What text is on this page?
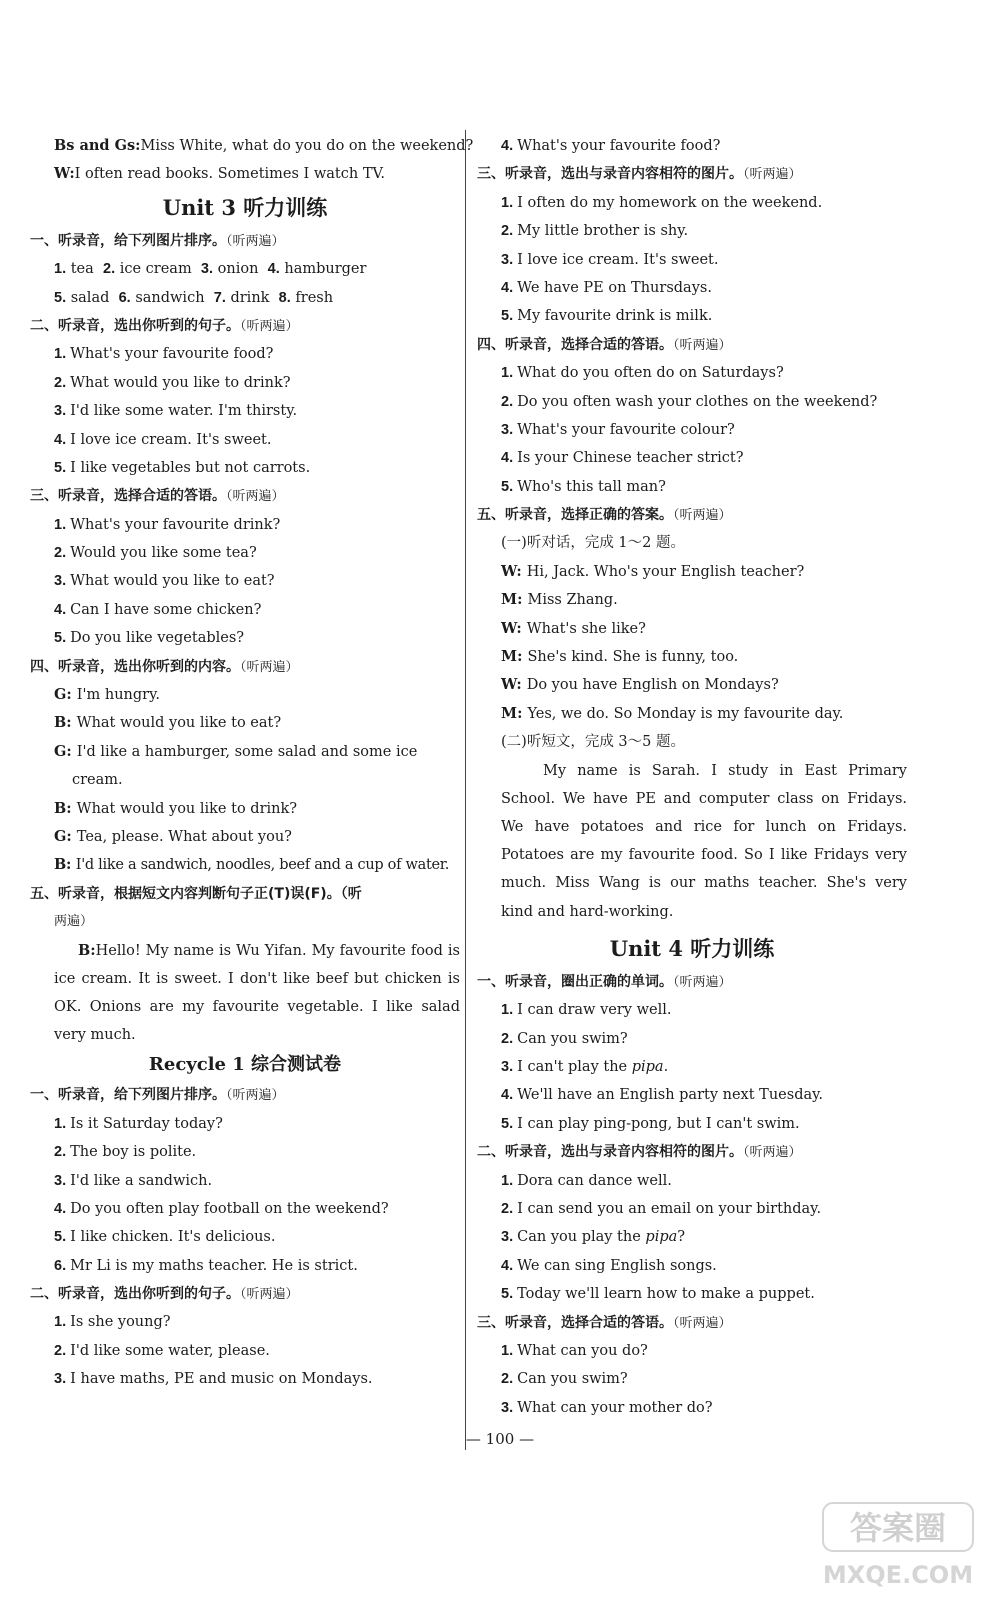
Bs and Gs:Miss White, what do you do on the weekend?
W:I often read books. Sometimes I watch TV.
Unit 3 听力训练
一、听录音，给下列图片排序。（听两遍）
1. tea 2. ice cream 3. onion 4. hamburger
5. salad 6. sandwich 7. drink 8. fresh
二、听录音，选出你听到的句子。（听两遍）
1. What's your favourite food?
2. What would you like to drink?
3. I'd like some water. I'm thirsty.
4. I love ice cream. It's sweet.
5. I like vegetables but not carrots.
三、听录音，选择合适的答语。（听两遍）
1. What's your favourite drink?
2. Would you like some tea?
3. What would you like to eat?
4. Can I have some chicken?
5. Do you like vegetables?
四、听录音，选出你听到的内容。（听两遍）
G: I'm hungry.
B: What would you like to eat?
G: I'd like a hamburger, some salad and some ice
cream.
B: What would you like to drink?
G: Tea, please. What about you?
B: I'd like a sandwich, noodles, beef and a cup of water.
五、听录音，根据短文内容判断句子正(T)误(F)。（听
两遍）
B:Hello! My name is Wu Yifan. My favourite food is ice cream. It is sweet. I don't like beef but chicken is OK. Onions are my favourite vegetable. I like salad very much.
Recycle 1 综合测试卷
一、听录音，给下列图片排序。（听两遍）
1. Is it Saturday today?
2. The boy is polite.
3. I'd like a sandwich.
4. Do you often play football on the weekend?
5. I like chicken. It's delicious.
6. Mr Li is my maths teacher. He is strict.
二、听录音，选出你听到的句子。（听两遍）
1. Is she young?
2. I'd like some water, please.
3. I have maths, PE and music on Mondays.
4. What's your favourite food?
三、听录音，选出与录音内容相符的图片。（听两遍）
1. I often do my homework on the weekend.
2. My little brother is shy.
3. I love ice cream. It's sweet.
4. We have PE on Thursdays.
5. My favourite drink is milk.
四、听录音，选择合适的答语。（听两遍）
1. What do you often do on Saturdays?
2. Do you often wash your clothes on the weekend?
3. What's your favourite colour?
4. Is your Chinese teacher strict?
5. Who's this tall man?
五、听录音，选择正确的答案。（听两遍）
(一)听对话，完成 1～2 题。
W: Hi, Jack. Who's your English teacher?
M: Miss Zhang.
W: What's she like?
M: She's kind. She is funny, too.
W: Do you have English on Mondays?
M: Yes, we do. So Monday is my favourite day.
(二)听短文，完成 3～5 题。
My name is Sarah. I study in East Primary School. We have PE and computer class on Fridays. We have potatoes and rice for lunch on Fridays. Potatoes are my favourite food. So I like Fridays very much. Miss Wang is our maths teacher. She's very kind and hard-working.
Unit 4 听力训练
一、听录音，圈出正确的单词。（听两遍）
1. I can draw very well.
2. Can you swim?
3. I can't play the pipa.
4. We'll have an English party next Tuesday.
5. I can play ping-pong, but I can't swim.
二、听录音，选出与录音内容相符的图片。（听两遍）
1. Dora can dance well.
2. I can send you an email on your birthday.
3. Can you play the pipa?
4. We can sing English songs.
5. Today we'll learn how to make a puppet.
三、听录音，选择合适的答语。（听两遍）
1. What can you do?
2. Can you swim?
3. What can your mother do?
— 100 —
答案圈
MXQE.COM
